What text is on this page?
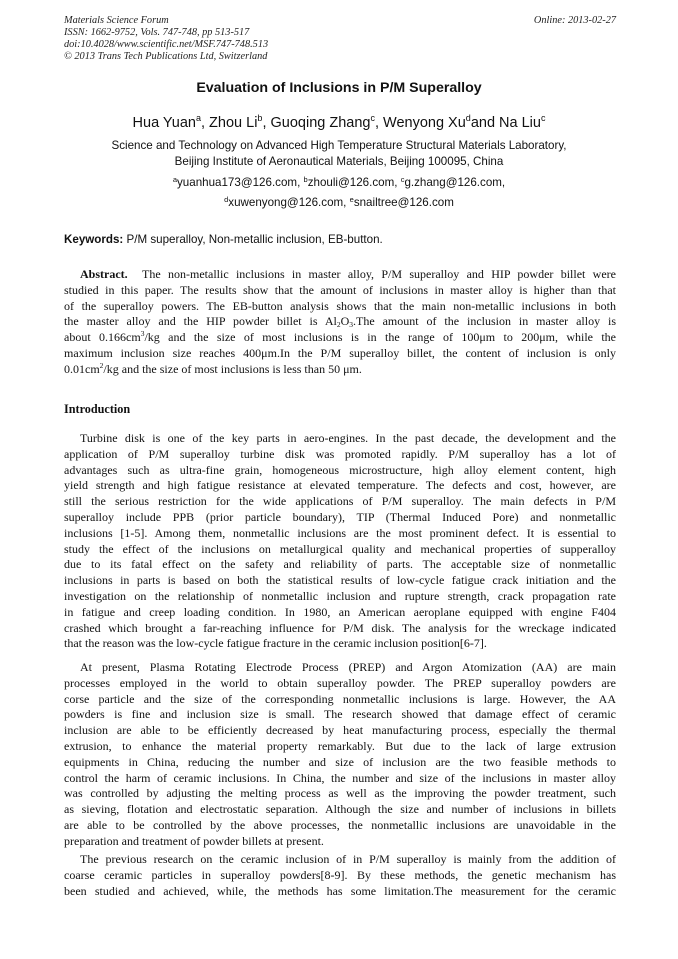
Materials Science Forum	Online: 2013-02-27
ISSN: 1662-9752, Vols. 747-748, pp 513-517
doi:10.4028/www.scientific.net/MSF.747-748.513
© 2013 Trans Tech Publications Ltd, Switzerland
Evaluation of Inclusions in P/M Superalloy
Hua Yuan$^a$, Zhou Li$^b$, Guoqing Zhang$^c$, Wenyong Xu$^d$and Na Liu$^c$
Science and Technology on Advanced High Temperature Structural Materials Laboratory,
Beijing Institute of Aeronautical Materials, Beijing 100095, China
$^a$yuanhua173@126.com, $^b$zhouli@126.com, $^c$g.zhang@126.com,
$^d$xuwenyong@126.com, $^e$snailtree@126.com
Keywords: P/M superalloy, Non-metallic inclusion, EB-button.
Abstract. The non-metallic inclusions in master alloy, P/M superalloy and HIP powder billet were
studied in this paper. The results show that the amount of inclusions in master alloy is higher than that
of the superalloy powers. The EB-button analysis shows that the main non-metallic inclusions in both
the master alloy and the HIP powder billet is $Al_2O_3.The$ amount of the inclusion in master alloy is
about $0.166cm^3/kg$ and the size of most inclusions is in the range of 100μm to 200μm, while the
maximum inclusion size reaches 400μm.In the P/M superalloy billet, the content of inclusion is only
$0.01cm^2/kg$ and the size of most inclusions is less than 50 μm.
Introduction
Turbine disk is one of the key parts in aero-engines. In the past decade, the development and the
application of P/M superalloy turbine disk was promoted rapidly. P/M superalloy has a lot of
advantages such as ultra-fine grain, homogeneous microstructure, high alloy element content, high
yield strength and high fatigue resistance at elevated temperature. The defects and cost, however, are
still the serious restriction for the wide applications of P/M superalloy. The main defects in P/M
superalloy include PPB (prior particle boundary), TIP (Thermal Induced Pore) and nonmetallic
inclusions [1-5]. Among them, nonmetallic inclusions are the most prominent defect. It is essential to
study the effect of the inclusions on metallurgical quality and mechanical properties of supperalloy
due to its fatal effect on the safety and reliability of parts. The acceptable size of nonmetallic
inclusions in parts is based on both the statistical results of low-cycle fatigue crack initiation and the
investigation on the relationship of nonmetallic inclusion and rupture strength, crack propagation rate
in fatigue and creep loading condition. In 1980, an American aeroplane equipped with engine F404
crashed which brought a far-reaching influence for P/M disk. The analysis for the wreckage indicated
that the reason was the low-cycle fatigue fracture in the ceramic inclusion position[6-7].
At present, Plasma Rotating Electrode Process (PREP) and Argon Atomization (AA) are main
processes employed in the world to obtain superalloy powder. The PREP superalloy powders are
corse particle and the size of the corresponding nonmetallic inclusions is large. However, the AA
powders is fine and inclusion size is small. The research showed that damage effect of ceramic
inclusion are able to be efficiently decreased by heat manufacturing process, especially the thermal
extrusion, to enhance the material property remarkably. But due to the lack of large extrusion
equipments in China, reducing the number and size of inclusion are the two feasible methods to
control the harm of ceramic inclusions. In China, the number and size of the inclusions in master alloy
was controlled by adjusting the melting process as well as the improving the powder treatment, such
as sieving, flotation and electrostatic separation. Although the size and number of inclusions in billets
are able to be controlled by the above processes, the nonmetallic inclusions are unavoidable in the
preparation and treatment of powder billets at present.
The previous research on the ceramic inclusion of in P/M superalloy is mainly from the addition of
coarse ceramic particles in superalloy powders[8-9]. By these methods, the genetic mechanism has
been studied and achieved, while, the methods has some limitation.The measurement for the ceramic
